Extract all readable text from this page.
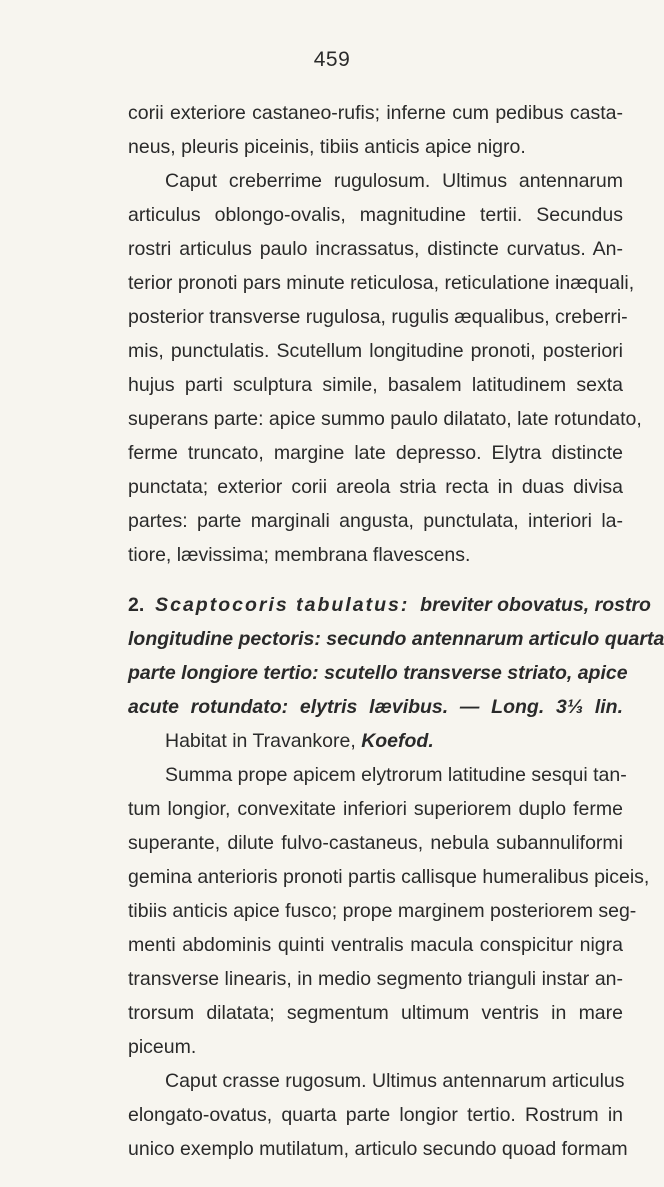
459
corii exteriore castaneo-rufis; inferne cum pedibus casta-
neus, pleuris piceinis, tibiis anticis apice nigro.
Caput creberrime rugulosum. Ultimus antennarum
articulus oblongo-ovalis, magnitudine tertii. Secundus
rostri articulus paulo incrassatus, distincte curvatus. An-
terior pronoti pars minute reticulosa, reticulatione inæquali,
posterior transverse rugulosa, rugulis æqualibus, creberri-
mis, punctulatis. Scutellum longitudine pronoti, posteriori
hujus parti sculptura simile, basalem latitudinem sexta
superans parte: apice summo paulo dilatato, late rotundato,
ferme truncato, margine late depresso. Elytra distincte
punctata; exterior corii areola stria recta in duas divisa
partes: parte marginali angusta, punctulata, interiori la-
tiore, lævissima; membrana flavescens.
2. Scaptocoris tabulatus: breviter obovatus, rostro
longitudine pectoris: secundo antennarum articulo quarta
parte longiore tertio: scutello transverse striato, apice
acute rotundato: elytris lævibus. — Long. 3⅓ lin.
Habitat in Travankore, Koefod.
Summa prope apicem elytrorum latitudine sesqui tan-
tum longior, convexitate inferiori superiorem duplo ferme
superante, dilute fulvo-castaneus, nebula subannuliformi
gemina anterioris pronoti partis callisque humeralibus piceis,
tibiis anticis apice fusco; prope marginem posteriorem seg-
menti abdominis quinti ventralis macula conspicitur nigra
transverse linearis, in medio segmento trianguli instar an-
trorsum dilatata; segmentum ultimum ventris in mare
piceum.
Caput crasse rugosum. Ultimus antennarum articulus
elongato-ovatus, quarta parte longior tertio. Rostrum in
unico exemplo mutilatum, articulo secundo quoad formam
